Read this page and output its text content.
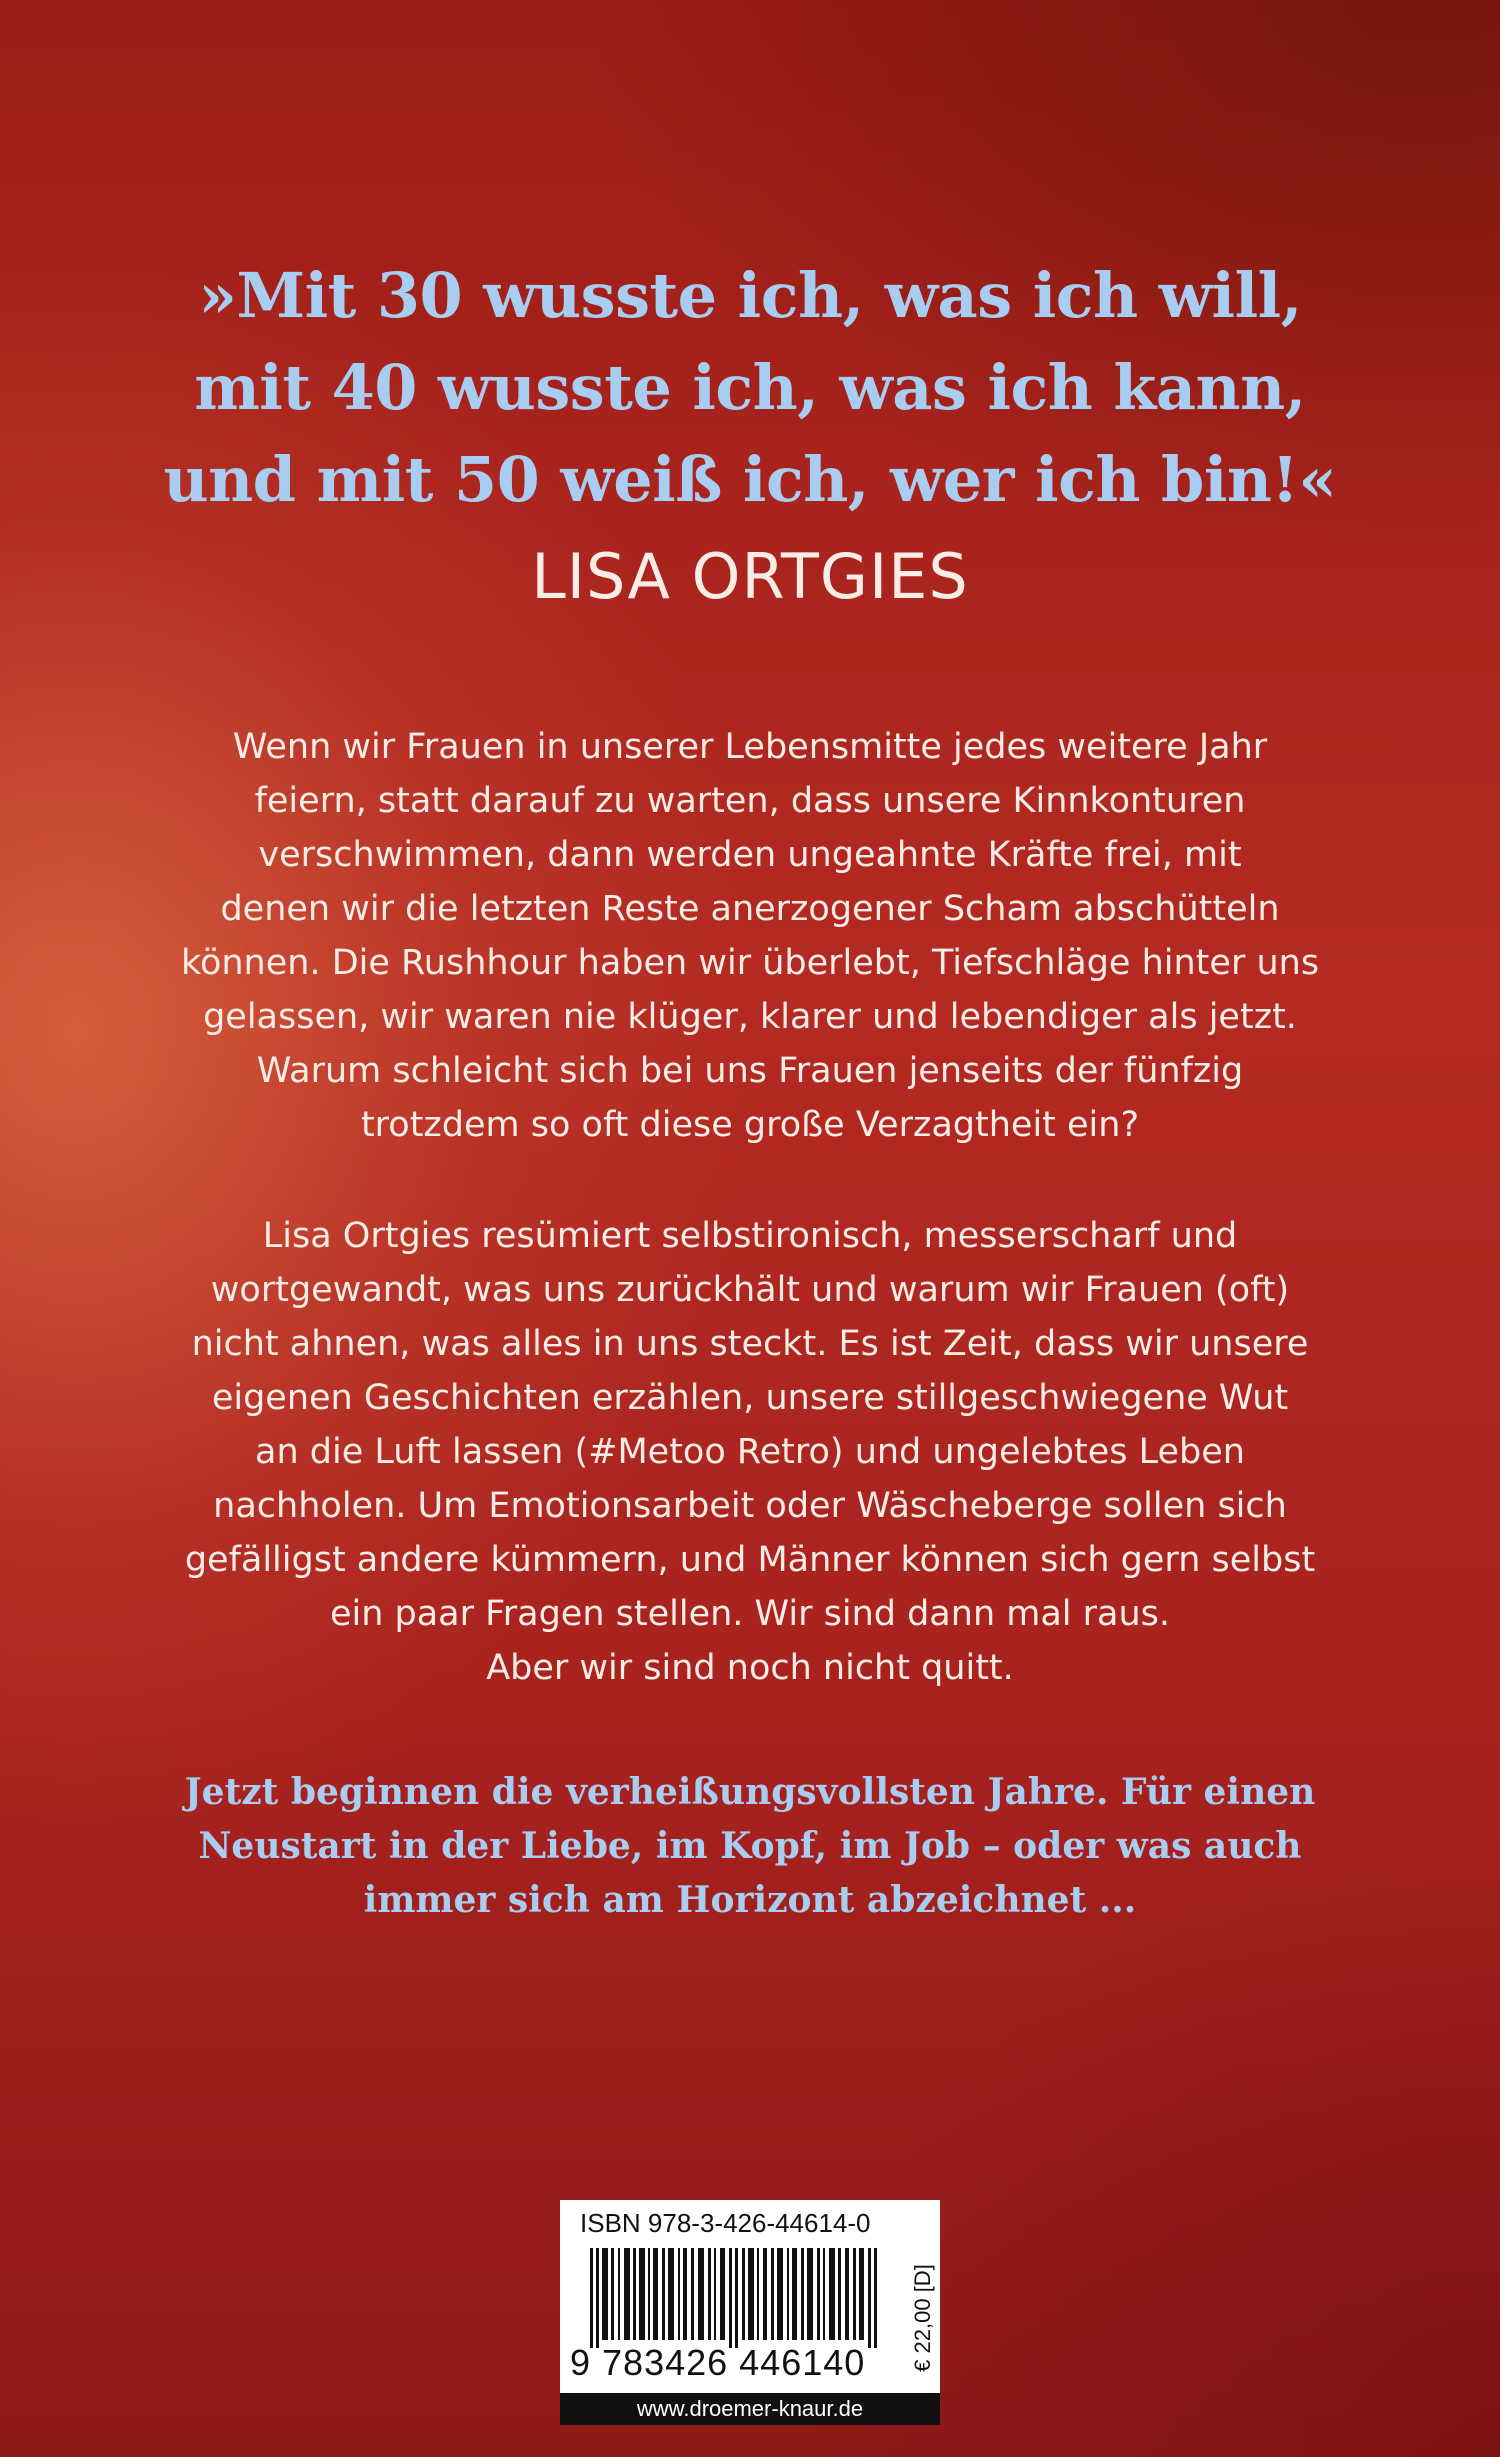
»Mit 30 wusste ich, was ich will,
mit 40 wusste ich, was ich kann,
und mit 50 weiß ich, wer ich bin!«
LISA ORTGIES
Wenn wir Frauen in unserer Lebensmitte jedes weitere Jahr
feiern, statt darauf zu warten, dass unsere Kinnkonturen
verschwimmen, dann werden ungeahnte Kräfte frei, mit
denen wir die letzten Reste anerzogener Scham abschütteln
können. Die Rushhour haben wir überlebt, Tiefschläge hinter uns
gelassen, wir waren nie klüger, klarer und lebendiger als jetzt.
Warum schleicht sich bei uns Frauen jenseits der fünfzig
trotzdem so oft diese große Verzagtheit ein?
Lisa Ortgies resümiert selbstironisch, messerscharf und
wortgewandt, was uns zurückhält und warum wir Frauen (oft)
nicht ahnen, was alles in uns steckt. Es ist Zeit, dass wir unsere
eigenen Geschichten erzählen, unsere stillgeschwiegene Wut
an die Luft lassen (#Metoo Retro) und ungelebtes Leben
nachholen. Um Emotionsarbeit oder Wäscheberge sollen sich
gefälligst andere kümmern, und Männer können sich gern selbst
ein paar Fragen stellen. Wir sind dann mal raus.
Aber wir sind noch nicht quitt.
Jetzt beginnen die verheißungsvollsten Jahre. Für einen
Neustart in der Liebe, im Kopf, im Job – oder was auch
immer sich am Horizont abzeichnet ...
ISBN 978-3-426-44614-0
9 783426 446140	€ 22,00 [D]
www.droemer-knaur.de
